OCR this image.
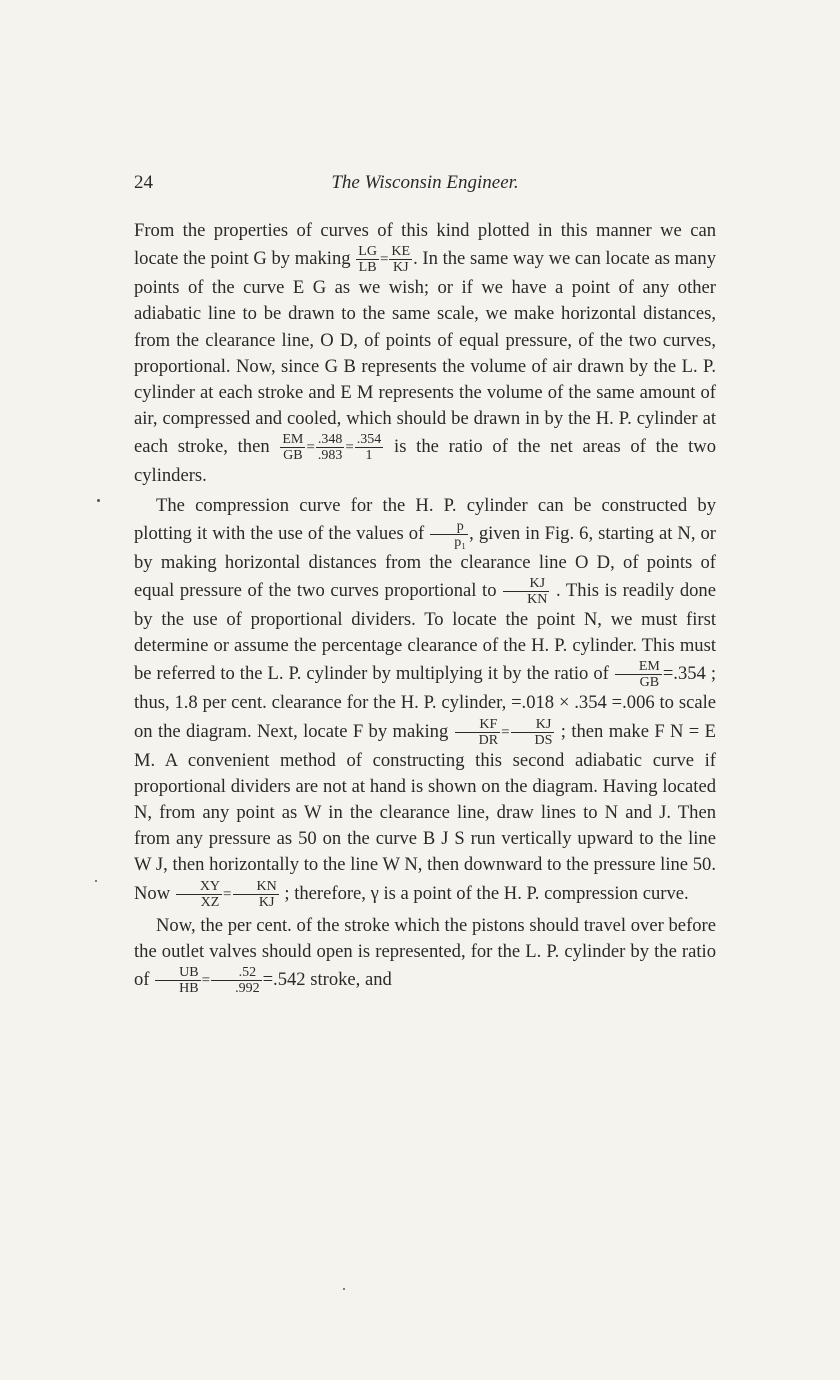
24	The Wisconsin Engineer.

From the properties of curves of this kind plotted in this manner we can locate the point G by making $\frac{LG}{LB} = \frac{KE}{KJ}$ . In the same way we can locate as many points of the curve E G as we wish; or if we have a point of any other adiabatic line to be drawn to the same scale, we make horizontal distances, from the clearance line, O D, of points of equal pressure, of the two curves, proportional. Now, since G B represents the volume of air drawn by the L. P. cylinder at each stroke and E M represents the volume of the same amount of air, compressed and cooled, which should be drawn in by the H. P. cylinder at each stroke, then $\frac{EM}{GB} = \frac{.348}{.983} = \frac{.354}{1}$ is the ratio of the net areas of the two cylinders.

The compression curve for the H. P. cylinder can be constructed by plotting it with the use of the values of $\frac{p}{\text{p₁}}$ , given in Fig. 6, starting at N, or by making horizontal distances from the clearance line O D, of points of equal pressure of the two curves proportional to $\frac{KJ}{KN}$ . This is readily done by the use of proportional dividers. To locate the point N, we must first determine or assume the percentage clearance of the H. P. cylinder. This must be referred to the L. P. cylinder by multiplying it by the ratio of $\frac{EM}{GB} =.354$ ; thus, 1.8 per cent. clearance for the H. P. cylinder, =.018 × .354 =.006 to scale on the diagram. Next, locate F by making $\frac{KF}{DR} = \frac{KJ}{DS}$ ; then make F N = E M. A convenient method of constructing this second adiabatic curve if proportional dividers are not at hand is shown on the diagram. Having located N, from any point as W in the clearance line, draw lines to N and J. Then from any pressure as 50 on the curve B J S run vertically upward to the line W J, then horizontally to the line W N, then downward to the pressure line 50. Now $\frac{XY}{XZ} = \frac{KN}{KJ}$ ; therefore, γ is a point of the H. P. compression curve.

Now, the per cent. of the stroke which the pistons should travel over before the outlet valves should open is represented, for the L. P. cylinder by the ratio of $\frac{UB}{HB} = \frac{.52}{.992} =.542$ stroke, and
